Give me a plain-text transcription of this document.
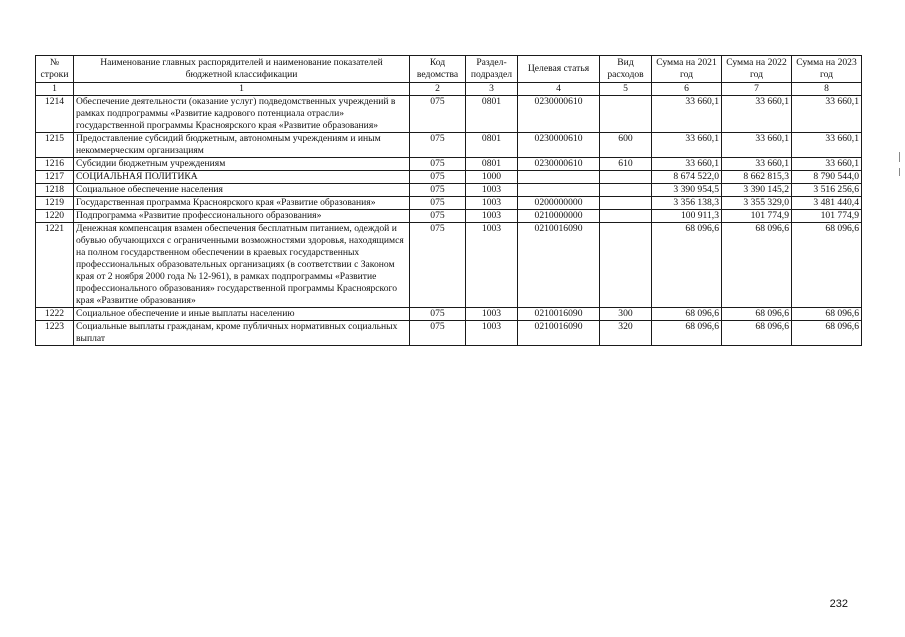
№ строки	Наименование главных распорядителей и наименование показателей бюджетной классификации	Код ведомства	Раздел-подраздел	Целевая статья	Вид расходов	Сумма на 2021 год	Сумма на 2022 год	Сумма на 2023 год
1	1	2	3	4	5	6	7	8
1214	Обеспечение деятельности (оказание услуг) подведомственных учреждений в рамках подпрограммы «Развитие кадрового потенциала отрасли» государственной программы Красноярского края «Развитие образования»	075	0801	0230000610		33 660,1	33 660,1	33 660,1
1215	Предоставление субсидий бюджетным, автономным учреждениям и иным некоммерческим организациям	075	0801	0230000610	600	33 660,1	33 660,1	33 660,1
1216	Субсидии бюджетным учреждениям	075	0801	0230000610	610	33 660,1	33 660,1	33 660,1
1217	СОЦИАЛЬНАЯ ПОЛИТИКА	075	1000			8 674 522,0	8 662 815,3	8 790 544,0
1218	Социальное обеспечение населения	075	1003			3 390 954,5	3 390 145,2	3 516 256,6
1219	Государственная программа Красноярского края «Развитие образования»	075	1003	0200000000		3 356 138,3	3 355 329,0	3 481 440,4
1220	Подпрограмма «Развитие профессионального образования»	075	1003	0210000000		100 911,3	101 774,9	101 774,9
1221	Денежная компенсация взамен обеспечения бесплатным питанием, одеждой и обувью обучающихся с ограниченными возможностями здоровья, находящимся на полном государственном обеспечении в краевых государственных профессиональных образовательных организациях (в соответствии с Законом края от 2 ноября 2000 года № 12-961), в рамках подпрограммы «Развитие профессионального образования» государственной программы Красноярского края «Развитие образования»	075	1003	0210016090		68 096,6	68 096,6	68 096,6
1222	Социальное обеспечение и иные выплаты населению	075	1003	0210016090	300	68 096,6	68 096,6	68 096,6
1223	Социальные выплаты гражданам, кроме публичных нормативных социальных выплат	075	1003	0210016090	320	68 096,6	68 096,6	68 096,6
232
